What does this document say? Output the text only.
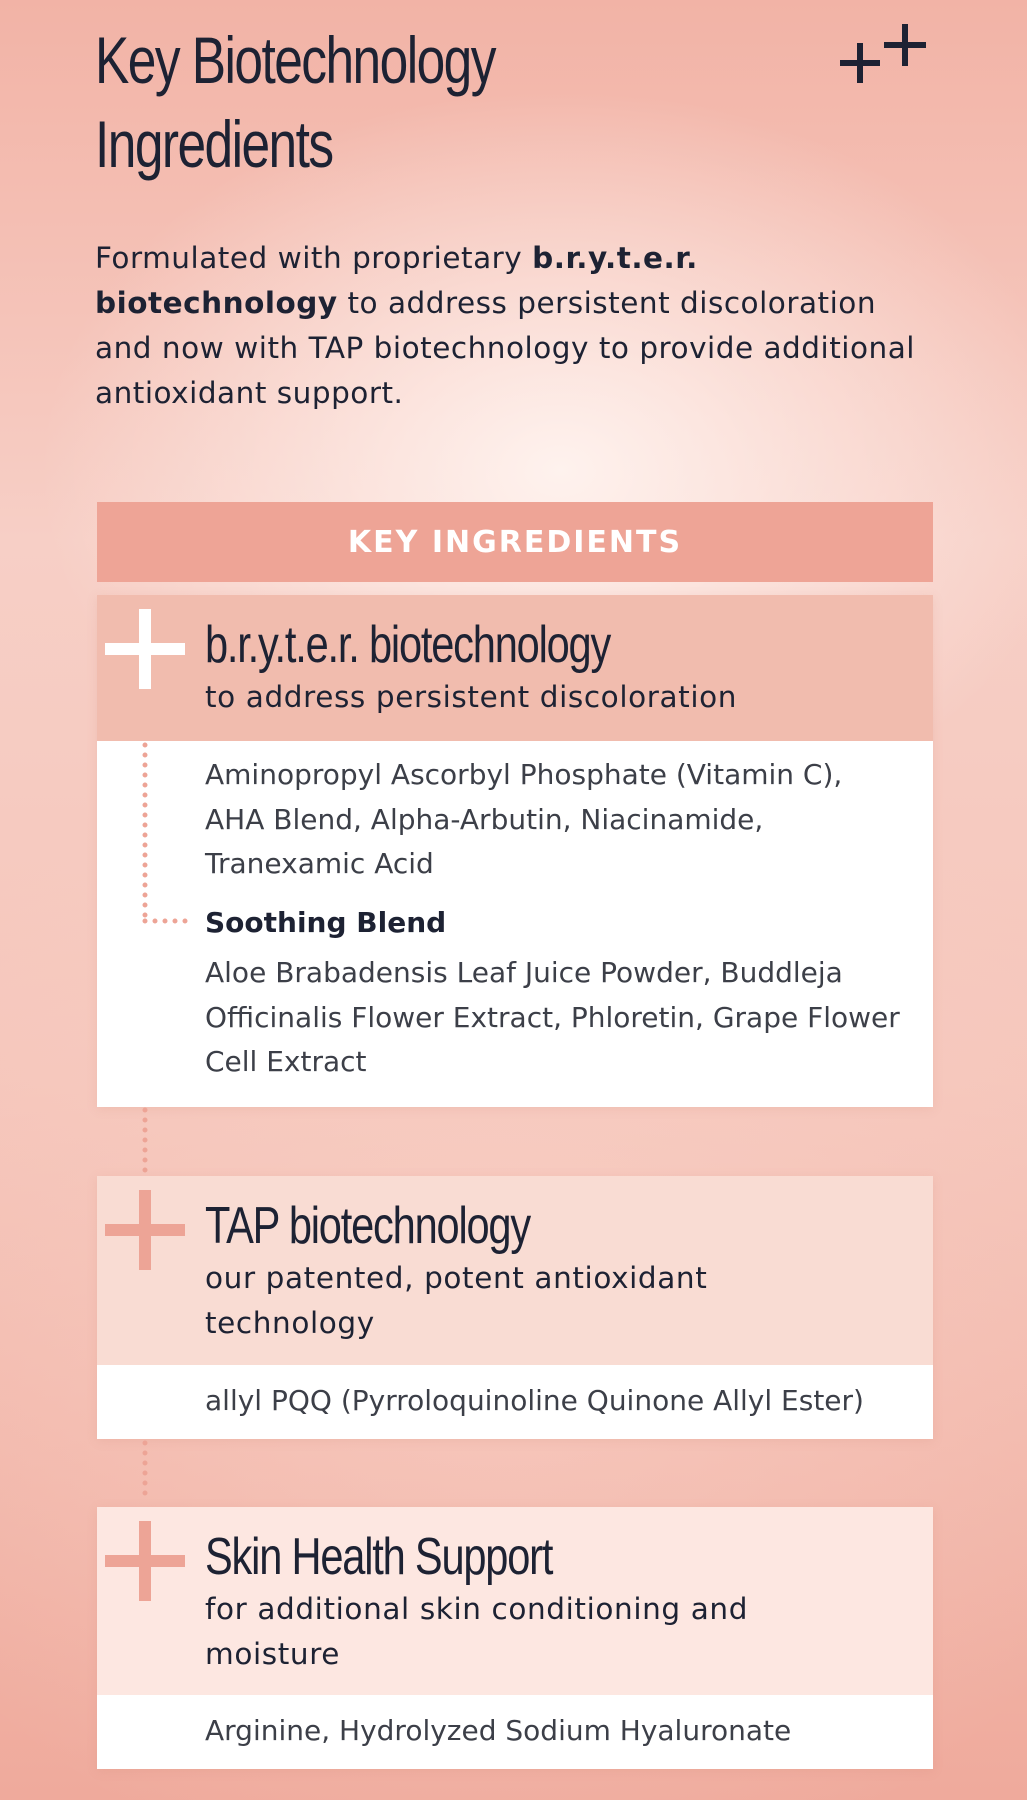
Key Biotechnology
Ingredients

Formulated with proprietary b.r.y.t.e.r. biotechnology to address persistent discoloration and now with TAP biotechnology to provide additional antioxidant support.

KEY INGREDIENTS
b.r.y.t.e.r. biotechnology

to address persistent discoloration

Aminopropyl Ascorbyl Phosphate (Vitamin C), AHA Blend, Alpha-Arbutin, Niacinamide, Tranexamic Acid

Soothing Blend

Aloe Brabadensis Leaf Juice Powder, Buddleja Officinalis Flower Extract, Phloretin, Grape Flower Cell Extract

TAP biotechnology

our patented, potent antioxidant technology

allyl PQQ (Pyrroloquinoline Quinone Allyl Ester)

Skin Health Support

for additional skin conditioning and moisture

Arginine, Hydrolyzed Sodium Hyaluronate
